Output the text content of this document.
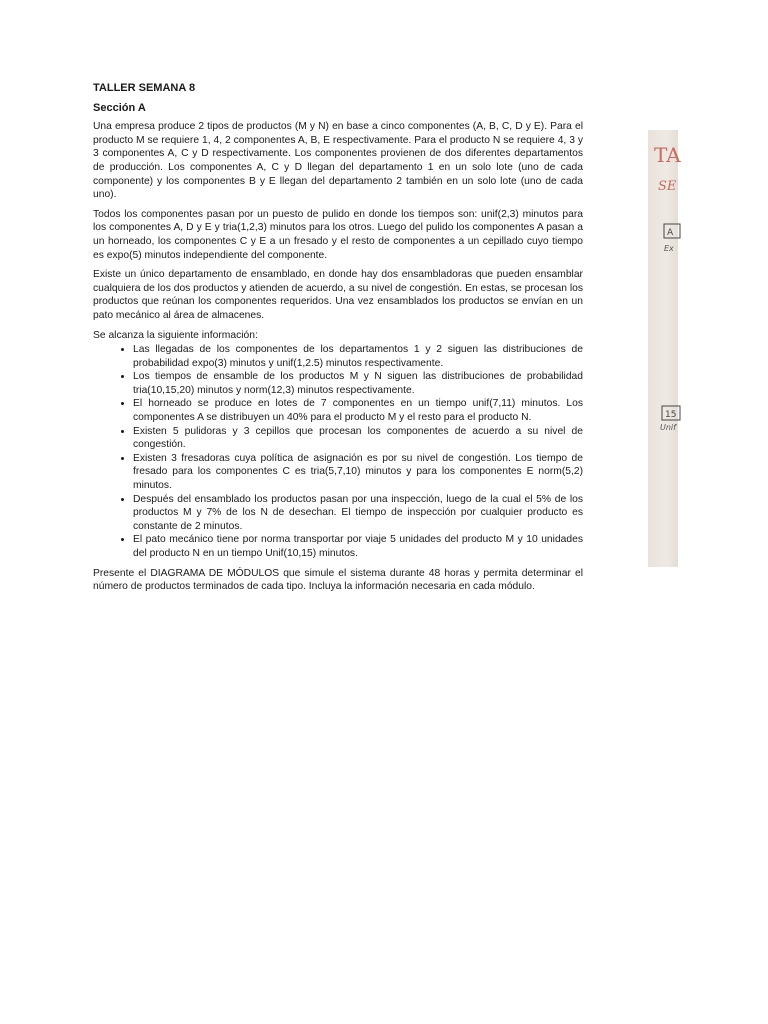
TALLER SEMANA 8
Sección A

Una empresa produce 2 tipos de productos (M y N) en base a cinco componentes (A, B, C, D y E). Para el producto M se requiere 1, 4, 2 componentes A, B, E respectivamente. Para el producto N se requiere 4, 3 y 3 componentes A, C y D respectivamente. Los componentes provienen de dos diferentes departamentos de producción. Los componentes A, C y D llegan del departamento 1 en un solo lote (uno de cada componente) y los componentes B y E llegan del departamento 2 también en un solo lote (uno de cada uno).

Todos los componentes pasan por un puesto de pulido en donde los tiempos son: unif(2,3) minutos para los componentes A, D y E y tria(1,2,3) minutos para los otros. Luego del pulido los componentes A pasan a un horneado, los componentes C y E a un fresado y el resto de componentes a un cepillado cuyo tiempo es expo(5) minutos independiente del componente.

Existe un único departamento de ensamblado, en donde hay dos ensambladoras que pueden ensamblar cualquiera de los dos productos y atienden de acuerdo, a su nivel de congestión. En estas, se procesan los productos que reúnan los componentes requeridos. Una vez ensamblados los productos se envían en un pato mecánico al área de almacenes.

Se alcanza la siguiente información:

• Las llegadas de los componentes de los departamentos 1 y 2 siguen las distribuciones de probabilidad expo(3) minutos y unif(1,2.5) minutos respectivamente.
• Los tiempos de ensamble de los productos M y N siguen las distribuciones de probabilidad tria(10,15,20) minutos y norm(12,3) minutos respectivamente.
• El horneado se produce en lotes de 7 componentes en un tiempo unif(7,11) minutos. Los componentes A se distribuyen un 40% para el producto M y el resto para el producto N.
• Existen 5 pulidoras y 3 cepillos que procesan los componentes de acuerdo a su nivel de congestión.
• Existen 3 fresadoras cuya política de asignación es por su nivel de congestión. Los tiempo de fresado para los componentes C es tria(5,7,10) minutos y para los componentes E norm(5,2) minutos.
• Después del ensamblado los productos pasan por una inspección, luego de la cual el 5% de los productos M y 7% de los N de desechan. El tiempo de inspección por cualquier producto es constante de 2 minutos.
• El pato mecánico tiene por norma transportar por viaje 5 unidades del producto M y 10 unidades del producto N en un tiempo Unif(10,15) minutos.

Presente el DIAGRAMA DE MÓDULOS que simule el sistema durante 48 horas y permita determinar el número de productos terminados de cada tipo. Incluya la información necesaria en cada módulo.

TA
SE
A
Ex
15
Unif
